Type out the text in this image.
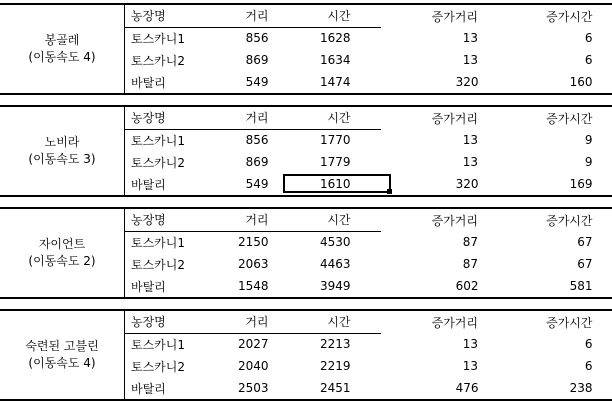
봉골레
(이동속도 4)
농장명	거리	시간	증가거리	증가시간
토스카니1	856	1628	13	6
토스카니2	869	1634	13	6
바탈리	549	1474	320	160
노비라
(이동속도 3)
농장명	거리	시간	증가거리	증가시간
토스카니1	856	1770	13	9
토스카니2	869	1779	13	9
바탈리	549	1610	320	169
자이언트
(이동속도 2)
농장명	거리	시간	증가거리	증가시간
토스카니1	2150	4530	87	67
토스카니2	2063	4463	87	67
바탈리	1548	3949	602	581
숙련된 고블린
(이동속도 4)
농장명	거리	시간	증가거리	증가시간
토스카니1	2027	2213	13	6
토스카니2	2040	2219	13	6
바탈리	2503	2451	476	238
